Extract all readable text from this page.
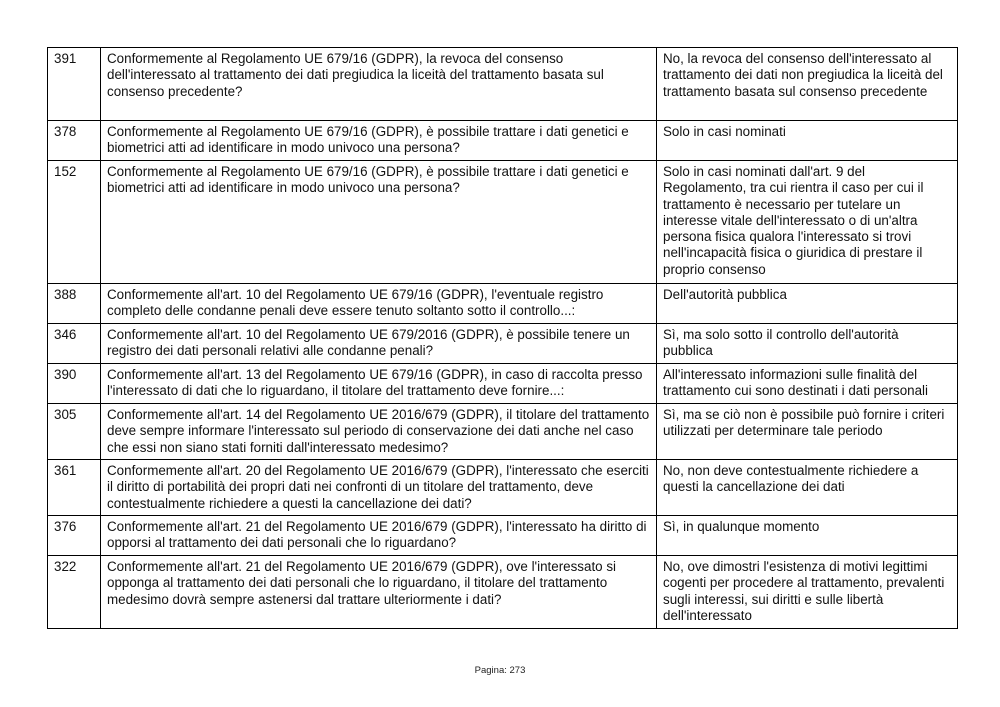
391	Conformemente al Regolamento UE 679/16 (GDPR), la revoca del consenso dell'interessato al trattamento dei dati pregiudica la liceità del trattamento basata sul consenso precedente?	No, la revoca del consenso dell'interessato al trattamento dei dati non pregiudica la liceità del trattamento basata sul consenso precedente
378	Conformemente al Regolamento UE 679/16 (GDPR), è possibile trattare i dati genetici e biometrici atti ad identificare in modo univoco una persona?	Solo in casi nominati
152	Conformemente al Regolamento UE 679/16 (GDPR), è possibile trattare i dati genetici e biometrici atti ad identificare in modo univoco una persona?	Solo in casi nominati dall'art. 9 del Regolamento, tra cui rientra il caso per cui il trattamento è necessario per tutelare un interesse vitale dell'interessato o di un'altra persona fisica qualora l'interessato si trovi nell'incapacità fisica o giuridica di prestare il proprio consenso
388	Conformemente all'art. 10 del Regolamento UE 679/16 (GDPR), l'eventuale registro completo delle condanne penali deve essere tenuto soltanto sotto il controllo...:	Dell'autorità pubblica
346	Conformemente all'art. 10 del Regolamento UE 679/2016 (GDPR), è possibile tenere un registro dei dati personali relativi alle condanne penali?	Sì, ma solo sotto il controllo dell'autorità pubblica
390	Conformemente all'art. 13 del Regolamento UE 679/16 (GDPR), in caso di raccolta presso l'interessato di dati che lo riguardano, il titolare del trattamento deve fornire...:	All'interessato informazioni sulle finalità del trattamento cui sono destinati i dati personali
305	Conformemente all'art. 14 del Regolamento UE 2016/679 (GDPR), il titolare del trattamento deve sempre informare l'interessato sul periodo di conservazione dei dati anche nel caso che essi non siano stati forniti dall'interessato medesimo?	Sì, ma se ciò non è possibile può fornire i criteri utilizzati per determinare tale periodo
361	Conformemente all'art. 20 del Regolamento UE 2016/679 (GDPR), l'interessato che eserciti il diritto di portabilità dei propri dati nei confronti di un titolare del trattamento, deve contestualmente richiedere a questi la cancellazione dei dati?	No, non deve contestualmente richiedere a questi la cancellazione dei dati
376	Conformemente all'art. 21 del Regolamento UE 2016/679 (GDPR), l'interessato ha diritto di opporsi al trattamento dei dati personali che lo riguardano?	Sì, in qualunque momento
322	Conformemente all'art. 21 del Regolamento UE 2016/679 (GDPR), ove l'interessato si opponga al trattamento dei dati personali che lo riguardano, il titolare del trattamento medesimo dovrà sempre astenersi dal trattare ulteriormente i dati?	No, ove dimostri l'esistenza di motivi legittimi cogenti per procedere al trattamento, prevalenti sugli interessi, sui diritti e sulle libertà dell'interessato
Pagina: 273
